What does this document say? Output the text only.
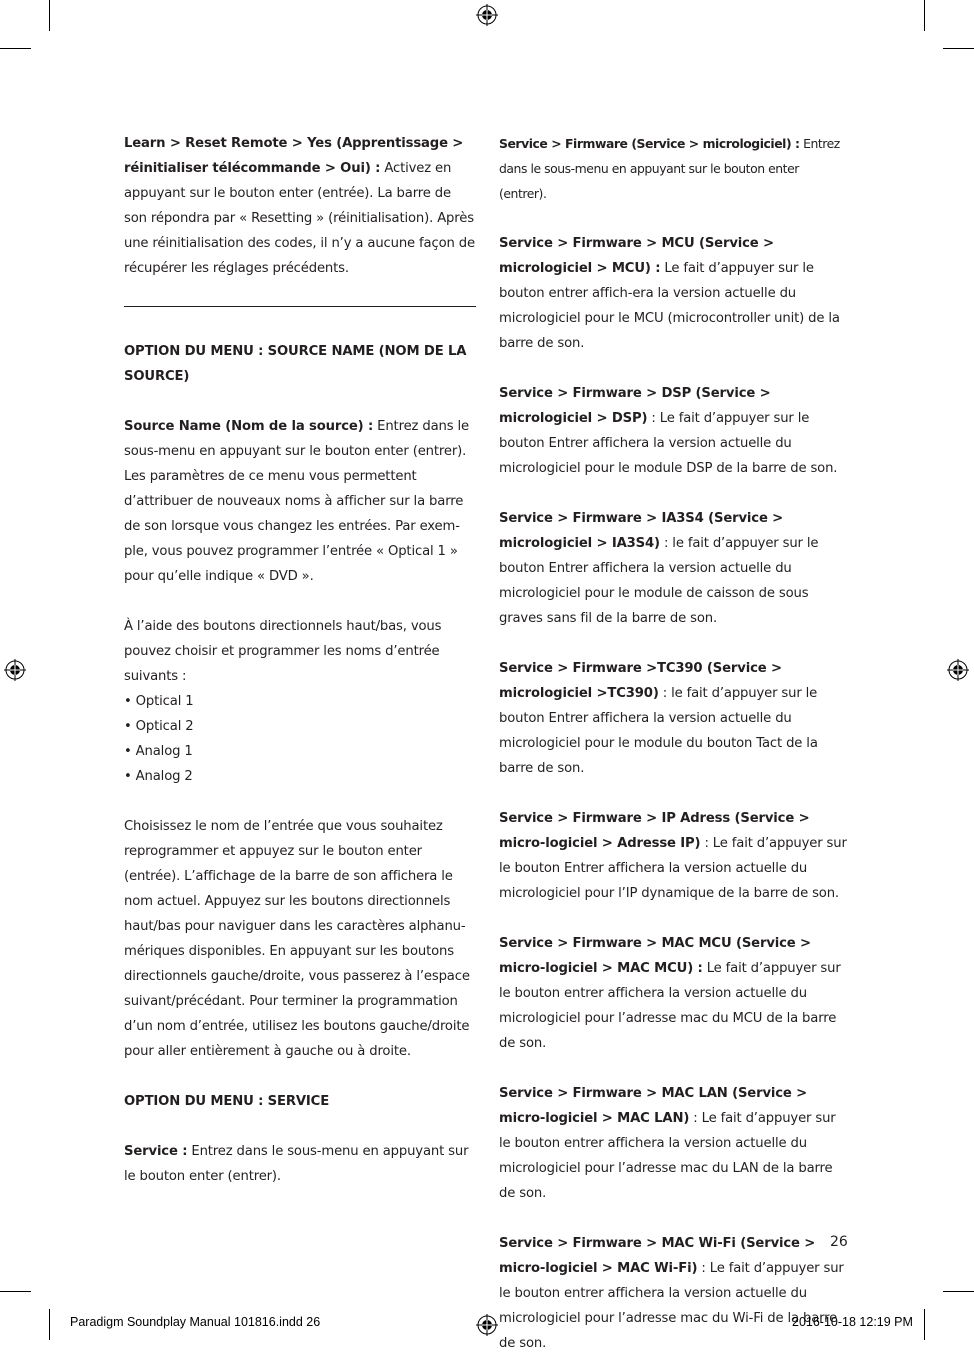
Learn > Reset Remote > Yes (Apprentissage > réinitialiser télécommande > Oui) : Activez en appuyant sur le bouton enter (entrée). La barre de son répondra par « Resetting » (réinitialisation). Après une réinitialisation des codes, il n’y a aucune façon de récupérer les réglages précédents.

OPTION DU MENU : SOURCE NAME (NOM DE LA SOURCE)

Source Name (Nom de la source) : Entrez dans le sous-menu en appuyant sur le bouton enter (entrer). Les paramètres de ce menu vous permettent d’attribuer de nouveaux noms à afficher sur la barre de son lorsque vous changez les entrées. Par exem-ple, vous pouvez programmer l’entrée « Optical 1 » pour qu’elle indique « DVD ».

À l’aide des boutons directionnels haut/bas, vous pouvez choisir et programmer les noms d’entrée suivants :

• Optical 1
• Optical 2
• Analog 1
• Analog 2

Choisissez le nom de l’entrée que vous souhaitez reprogrammer et appuyez sur le bouton enter (entrée). L’affichage de la barre de son affichera le nom actuel. Appuyez sur les boutons directionnels haut/bas pour naviguer dans les caractères alphanu-mériques disponibles. En appuyant sur les boutons directionnels gauche/droite, vous passerez à l’espace suivant/précédant. Pour terminer la programmation d’un nom d’entrée, utilisez les boutons gauche/droite pour aller entièrement à gauche ou à droite.

OPTION DU MENU : SERVICE

Service : Entrez dans le sous-menu en appuyant sur le bouton enter (entrer).

Service > Firmware (Service > micrologiciel) : Entrez dans le sous-menu en appuyant sur le bouton enter (entrer).

Service > Firmware > MCU (Service > micrologiciel > MCU) : Le fait d’appuyer sur le bouton entrer affich-era la version actuelle du micrologiciel pour le MCU (microcontroller unit) de la barre de son.

Service > Firmware > DSP (Service > micrologiciel > DSP) : Le fait d’appuyer sur le bouton Entrer affichera la version actuelle du micrologiciel pour le module DSP de la barre de son.

Service > Firmware > IA3S4 (Service > micrologiciel > IA3S4) : le fait d’appuyer sur le bouton Entrer affichera la version actuelle du micrologiciel pour le module de caisson de sous graves sans fil de la barre de son.

Service > Firmware >TC390 (Service > micrologiciel >TC390) : le fait d’appuyer sur le bouton Entrer affichera la version actuelle du micrologiciel pour le module du bouton Tact de la barre de son.

Service > Firmware > IP Adress (Service > micro-logiciel > Adresse IP) : Le fait d’appuyer sur le bouton Entrer affichera la version actuelle du micrologiciel pour l’IP dynamique de la barre de son.

Service > Firmware > MAC MCU (Service > micro-logiciel > MAC MCU) : Le fait d’appuyer sur le bouton entrer affichera la version actuelle du micrologiciel pour l’adresse mac du MCU de la barre de son.

Service > Firmware > MAC LAN (Service > micro-logiciel > MAC LAN) : Le fait d’appuyer sur le bouton entrer affichera la version actuelle du micrologiciel pour l’adresse mac du LAN de la barre de son.

Service > Firmware > MAC Wi-Fi (Service > micro-logiciel > MAC Wi-Fi) : Le fait d’appuyer sur le bouton entrer affichera la version actuelle du micrologiciel pour l’adresse mac du Wi-Fi de la barre de son.

26
Paradigm Soundplay Manual 101816.indd 26	2016-10-18 12:19 PM
